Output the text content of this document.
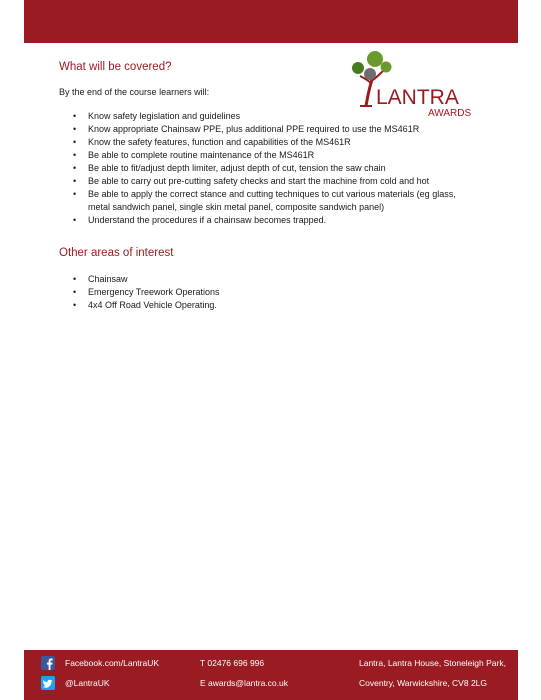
LANTRA
AWARDS
What will be covered?

By the end of the course learners will:

• Know safety legislation and guidelines
• Know appropriate Chainsaw PPE, plus additional PPE required to use the MS461R
• Know the safety features, function and capabilities of the MS461R
• Be able to complete routine maintenance of the MS461R
• Be able to fit/adjust depth limiter, adjust depth of cut, tension the saw chain
• Be able to carry out pre-cutting safety checks and start the machine from cold and hot
• Be able to apply the correct stance and cutting techniques to cut various materials (eg glass, metal sandwich panel, single skin metal panel, composite sandwich panel)
• Understand the procedures if a chainsaw becomes trapped.
Other areas of interest
• Chainsaw
• Emergency Treework Operations
• 4x4 Off Road Vehicle Operating.
Facebook.com/LantraUK
@LantraUK
T 02476 696 996
E awards@lantra.co.uk
Lantra, Lantra House, Stoneleigh Park,
Coventry, Warwickshire, CV8 2LG
